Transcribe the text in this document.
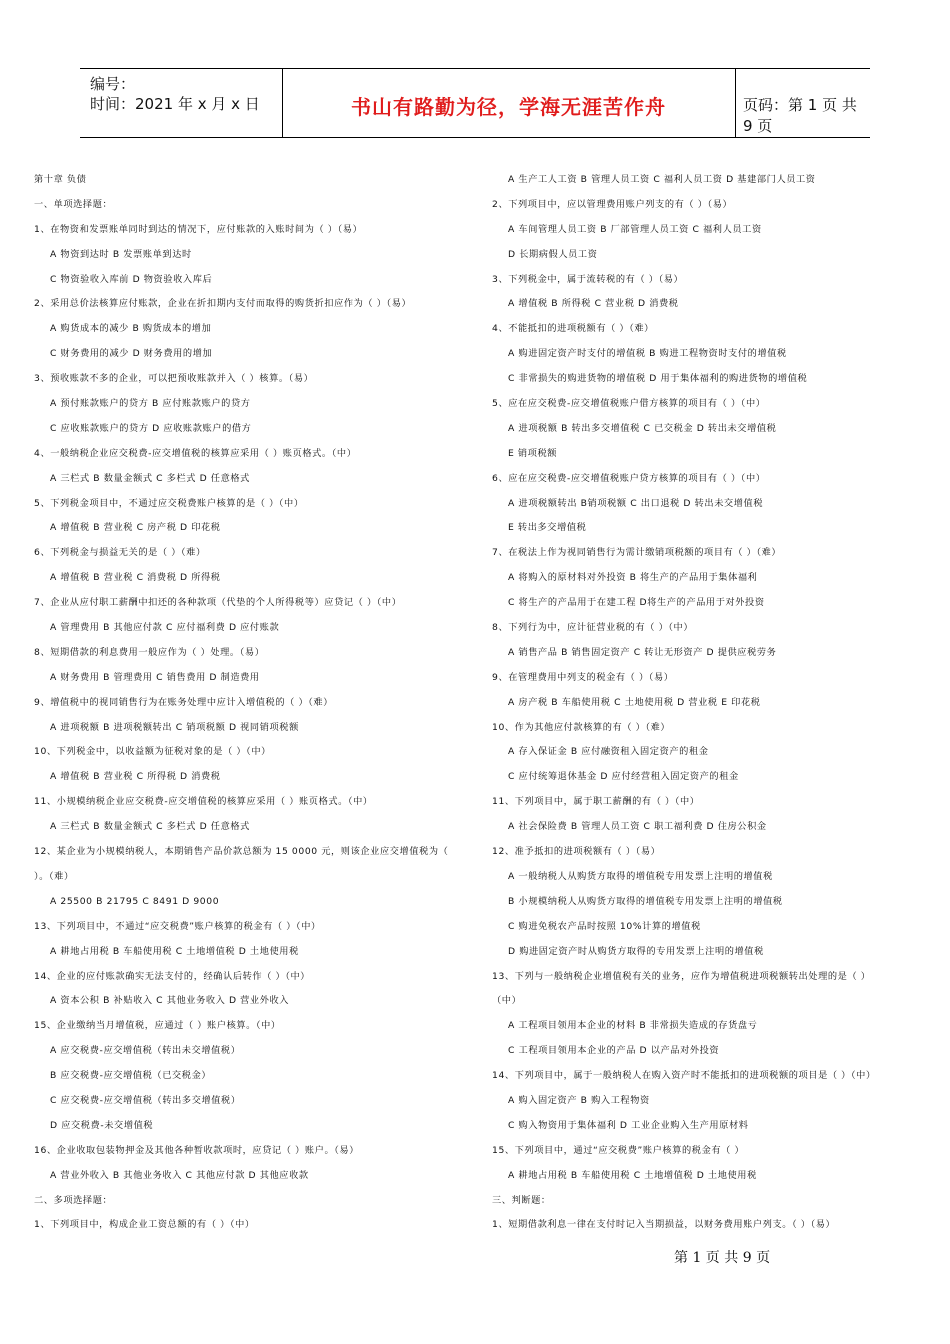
编号：
时间：2021 年 x 月 x 日	书山有路勤为径，学海无涯苦作舟	页码：第 1 页 共 9 页
第十章 负债
一、单项选择题：
1、在物资和发票账单同时到达的情况下，应付账款的入账时间为（ ）（易）
A 物资到达时 B 发票账单到达时
C 物资验收入库前 D 物资验收入库后
2、采用总价法核算应付账款，企业在折扣期内支付而取得的购货折扣应作为（ ）（易）
A 购货成本的减少 B 购货成本的增加
C 财务费用的减少 D 财务费用的增加
3、预收账款不多的企业，可以把预收账款并入（ ）核算。（易）
A 预付账款账户的贷方 B 应付账款账户的贷方
C 应收账款账户的贷方 D 应收账款账户的借方
4、一般纳税企业应交税费-应交增值税的核算应采用（ ）账页格式。（中）
A 三栏式 B 数量金额式 C 多栏式 D 任意格式
5、下列税金项目中，不通过应交税费账户核算的是（ ）（中）
A 增值税 B 营业税 C 房产税 D 印花税
6、下列税金与损益无关的是（ ）（难）
A 增值税 B 营业税 C 消费税 D 所得税
7、企业从应付职工薪酬中扣还的各种款项（代垫的个人所得税等）应贷记（ ）（中）
A 管理费用 B 其他应付款 C 应付福利费 D 应付账款
8、短期借款的利息费用一般应作为（ ）处理。（易）
A 财务费用 B 管理费用 C 销售费用 D 制造费用
9、增值税中的视同销售行为在账务处理中应计入增值税的（ ）（难）
A 进项税额 B 进项税额转出 C 销项税额 D 视同销项税额
10、下列税金中，以收益额为征税对象的是（ ）（中）
A 增值税 B 营业税 C 所得税 D 消费税
11、小规模纳税企业应交税费-应交增值税的核算应采用（ ）账页格式。（中）
A 三栏式 B 数量金额式 C 多栏式 D 任意格式
12、某企业为小规模纳税人，本期销售产品价款总额为 15 0000 元，则该企业应交增值税为（
）。（难）
A 25500 B 21795 C 8491 D 9000
13、下列项目中，不通过“应交税费”账户核算的税金有（ ）（中）
A 耕地占用税 B 车船使用税 C 土地增值税 D 土地使用税
14、企业的应付账款确实无法支付的，经确认后转作（ ）（中）
A 资本公积 B 补贴收入 C 其他业务收入 D 营业外收入
15、企业缴纳当月增值税，应通过（ ）账户核算。（中）
A 应交税费-应交增值税（转出未交增值税）
B 应交税费-应交增值税（已交税金）
C 应交税费-应交增值税（转出多交增值税）
D 应交税费-未交增值税
16、企业收取包装物押金及其他各种暂收款项时，应贷记（ ）账户。（易）
A 营业外收入 B 其他业务收入 C 其他应付款 D 其他应收款
二、多项选择题：
1、下列项目中，构成企业工资总额的有（ ）（中）
A 生产工人工资 B 管理人员工资 C 福利人员工资 D 基建部门人员工资
2、下列项目中，应以管理费用账户列支的有（ ）（易）
A 车间管理人员工资 B 厂部管理人员工资 C 福利人员工资
D 长期病假人员工资
3、下列税金中，属于流转税的有（ ）（易）
A 增值税 B 所得税 C 营业税 D 消费税
4、不能抵扣的进项税额有（ ）（难）
A 购进固定资产时支付的增值税 B 购进工程物资时支付的增值税
C 非常损失的购进货物的增值税 D 用于集体福利的购进货物的增值税
5、应在应交税费-应交增值税账户借方核算的项目有（ ）（中）
A 进项税额 B 转出多交增值税 C 已交税金 D 转出未交增值税
E 销项税额
6、应在应交税费-应交增值税账户贷方核算的项目有（ ）（中）
A 进项税额转出 B销项税额 C 出口退税 D 转出未交增值税
E 转出多交增值税
7、在税法上作为视同销售行为需计缴销项税额的项目有（ ）（难）
A 将购入的原材料对外投资 B 将生产的产品用于集体福利
C 将生产的产品用于在建工程 D将生产的产品用于对外投资
8、下列行为中，应计征营业税的有（ ）（中）
A 销售产品 B 销售固定资产 C 转让无形资产 D 提供应税劳务
9、在管理费用中列支的税金有（ ）（易）
A 房产税 B 车船使用税 C 土地使用税 D 营业税 E 印花税
10、作为其他应付款核算的有（ ）（难）
A 存入保证金 B 应付融资租入固定资产的租金
C 应付统筹退休基金 D 应付经营租入固定资产的租金
11、下列项目中，属于职工薪酬的有（ ）（中）
A 社会保险费 B 管理人员工资 C 职工福利费 D 住房公积金
12、准予抵扣的进项税额有（ ）（易）
A 一般纳税人从购货方取得的增值税专用发票上注明的增值税
B 小规模纳税人从购货方取得的增值税专用发票上注明的增值税
C 购进免税农产品时按照 10%计算的增值税
D 购进固定资产时从购货方取得的专用发票上注明的增值税
13、下列与一般纳税企业增值税有关的业务，应作为增值税进项税额转出处理的是（ ）
（中）
A 工程项目领用本企业的材料 B 非常损失造成的存货盘亏
C 工程项目领用本企业的产品 D 以产品对外投资
14、下列项目中，属于一般纳税人在购入资产时不能抵扣的进项税额的项目是（ ）（中）
A 购入固定资产 B 购入工程物资
C 购入物资用于集体福利 D 工业企业购入生产用原材料
15、下列项目中，通过“应交税费”账户核算的税金有（ ）
A 耕地占用税 B 车船使用税 C 土地增值税 D 土地使用税
三、判断题：
1、短期借款利息一律在支付时记入当期损益，以财务费用账户列支。（ ）（易）
第 1 页 共 9 页
